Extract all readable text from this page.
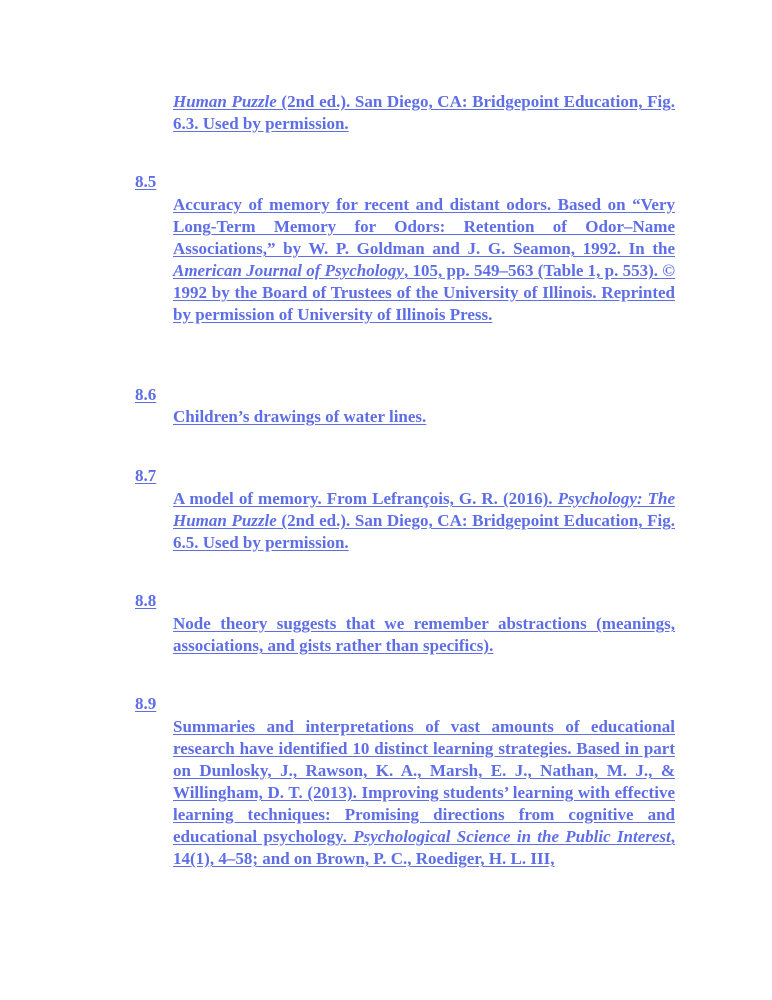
Human Puzzle (2nd ed.). San Diego, CA: Bridgepoint Education, Fig. 6.3. Used by permission.
8.5
Accuracy of memory for recent and distant odors. Based on “Very Long-Term Memory for Odors: Retention of Odor–Name Associations,” by W. P. Goldman and J. G. Seamon, 1992. In the American Journal of Psychology, 105, pp. 549–563 (Table 1, p. 553). © 1992 by the Board of Trustees of the University of Illinois. Reprinted by permission of University of Illinois Press.
8.6
Children’s drawings of water lines.
8.7
A model of memory. From Lefrançois, G. R. (2016). Psychology: The Human Puzzle (2nd ed.). San Diego, CA: Bridgepoint Education, Fig. 6.5. Used by permission.
8.8
Node theory suggests that we remember abstractions (meanings, associations, and gists rather than specifics).
8.9
Summaries and interpretations of vast amounts of educational research have identified 10 distinct learning strategies. Based in part on Dunlosky, J., Rawson, K. A., Marsh, E. J., Nathan, M. J., & Willingham, D. T. (2013). Improving students’ learning with effective learning techniques: Promising directions from cognitive and educational psychology. Psychological Science in the Public Interest, 14(1), 4–58; and on Brown, P. C., Roediger, H. L. III,
